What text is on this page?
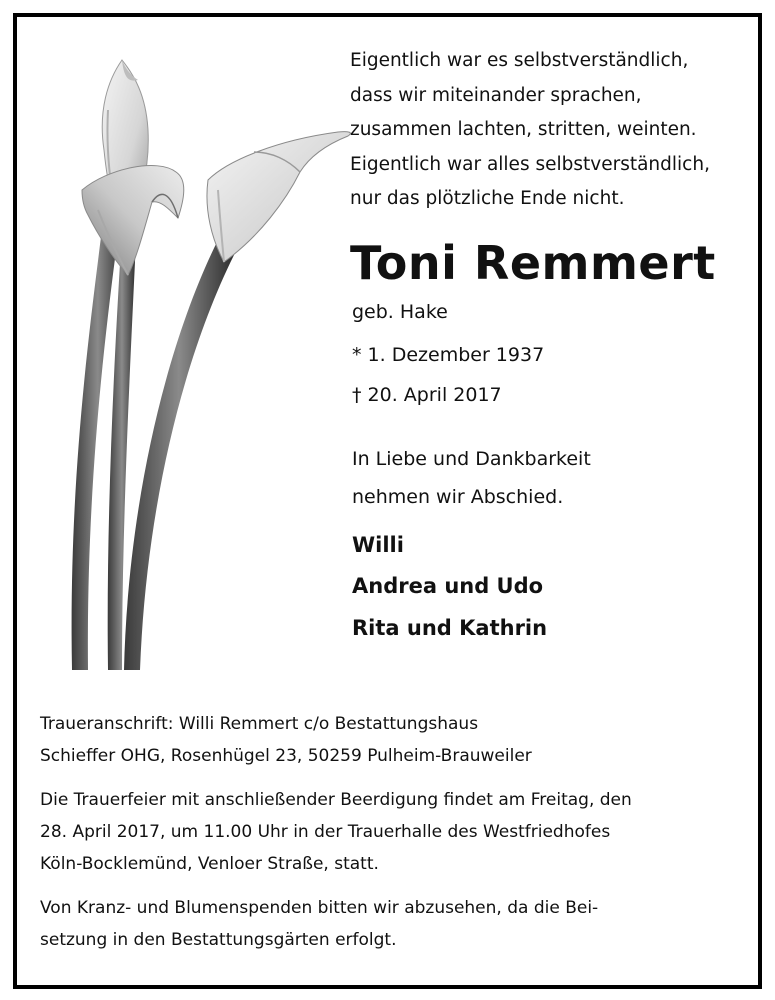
Eigentlich war es selbstverständlich,
dass wir miteinander sprachen,
zusammen lachten, stritten, weinten.
Eigentlich war alles selbstverständlich,
nur das plötzliche Ende nicht.
Toni Remmert
geb. Hake
* 1. Dezember 1937
† 20. April 2017
In Liebe und Dankbarkeit
nehmen wir Abschied.
Willi
Andrea und Udo
Rita und Kathrin
Traueranschrift: Willi Remmert c/o Bestattungshaus
Schieffer OHG, Rosenhügel 23, 50259 Pulheim-Brauweiler
Die Trauerfeier mit anschließender Beerdigung findet am Freitag, den
28. April 2017, um 11.00 Uhr in der Trauerhalle des Westfriedhofes
Köln-Bocklemünd, Venloer Straße, statt.
Von Kranz- und Blumenspenden bitten wir abzusehen, da die Bei-
setzung in den Bestattungsgärten erfolgt.
